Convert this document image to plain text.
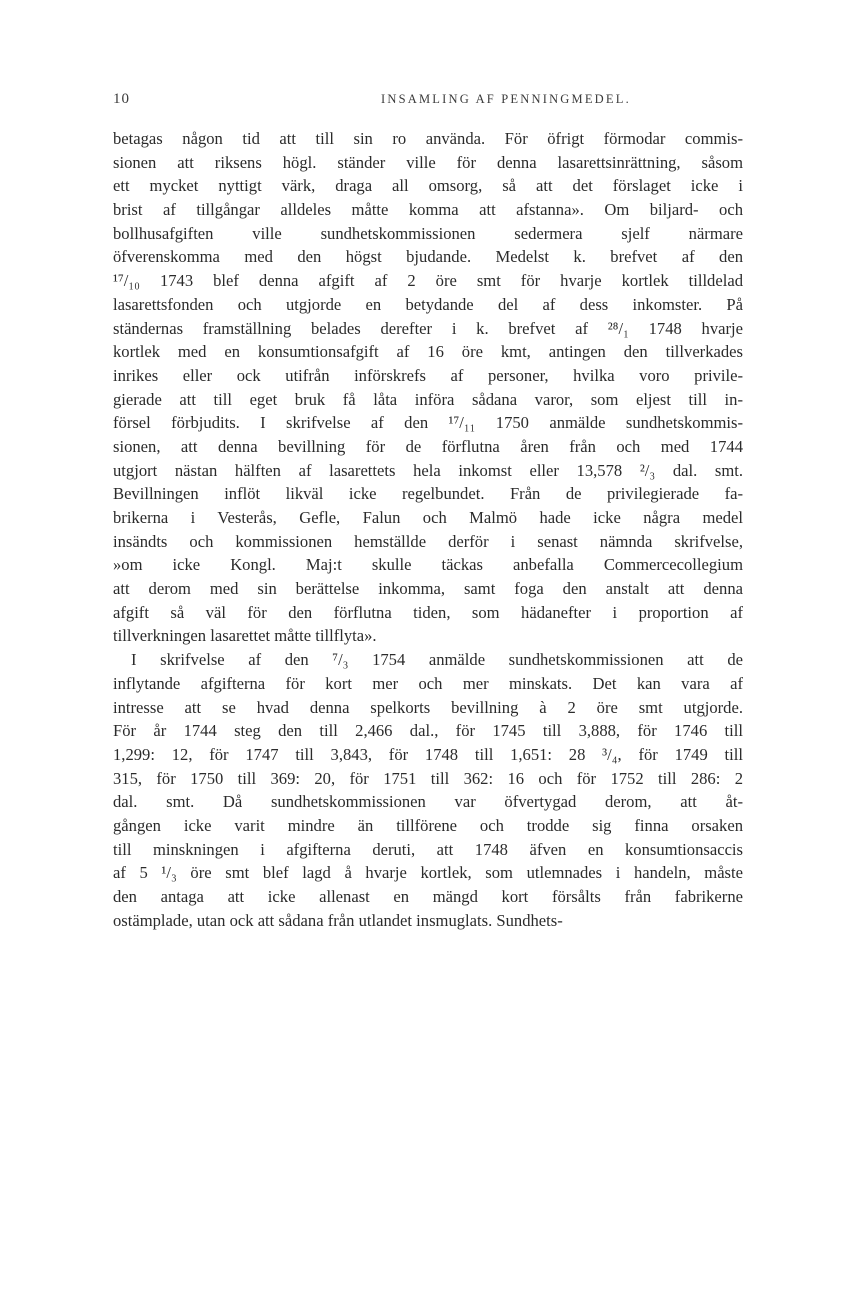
10	INSAMLING AF PENNINGMEDEL.
betagas någon tid att till sin ro använda. För öfrigt förmodar commis-
sionen att riksens högl. ständer ville för denna lasarettsinrättning, såsom
ett mycket nyttigt värk, draga all omsorg, så att det förslaget icke i
brist af tillgångar alldeles måtte komma att afstanna». Om biljard- och
bollhusafgiften ville sundhetskommissionen sedermera sjelf närmare
öfverenskomma med den högst bjudande. Medelst k. brefvet af den
¹⁷/₁₀ 1743 blef denna afgift af 2 öre smt för hvarje kortlek tilldelad
lasarettsfonden och utgjorde en betydande del af dess inkomster. På
ständernas framställning belades derefter i k. brefvet af ²⁸/₁ 1748 hvarje
kortlek med en konsumtionsafgift af 16 öre kmt, antingen den tillverkades
inrikes eller ock utifrån införskrefs af personer, hvilka voro privile-
gierade att till eget bruk få låta införa sådana varor, som eljest till in-
försel förbjudits. I skrifvelse af den ¹⁷/₁₁ 1750 anmälde sundhetskommis-
sionen, att denna bevillning för de förflutna åren från och med 1744
utgjort nästan hälften af lasarettets hela inkomst eller 13,578 ²/₃ dal. smt.
Bevillningen inflöt likväl icke regelbundet. Från de privilegierade fa-
brikerna i Vesterås, Gefle, Falun och Malmö hade icke några medel
insändts och kommissionen hemställde derför i senast nämnda skrifvelse,
»om icke Kongl. Maj:t skulle täckas anbefalla Commercecollegium
att derom med sin berättelse inkomma, samt foga den anstalt att denna
afgift så väl för den förflutna tiden, som hädanefter i proportion af
tillverkningen lasarettet måtte tillflyta».
I skrifvelse af den ⁷/₃ 1754 anmälde sundhetskommissionen att de
inflytande afgifterna för kort mer och mer minskats. Det kan vara af
intresse att se hvad denna spelkorts bevillning à 2 öre smt utgjorde.
För år 1744 steg den till 2,466 dal., för 1745 till 3,888, för 1746 till
1,299: 12, för 1747 till 3,843, för 1748 till 1,651: 28 ³/₄, för 1749 till
315, för 1750 till 369: 20, för 1751 till 362: 16 och för 1752 till 286: 2
dal. smt. Då sundhetskommissionen var öfvertygad derom, att åt-
gången icke varit mindre än tillförene och trodde sig finna orsaken
till minskningen i afgifterna deruti, att 1748 äfven en konsumtionsaccis
af 5 ¹/₃ öre smt blef lagd å hvarje kortlek, som utlemnades i handeln, måste
den antaga att icke allenast en mängd kort försålts från fabrikerne
ostämplade, utan ock att sådana från utlandet insmuglats. Sundhets-
